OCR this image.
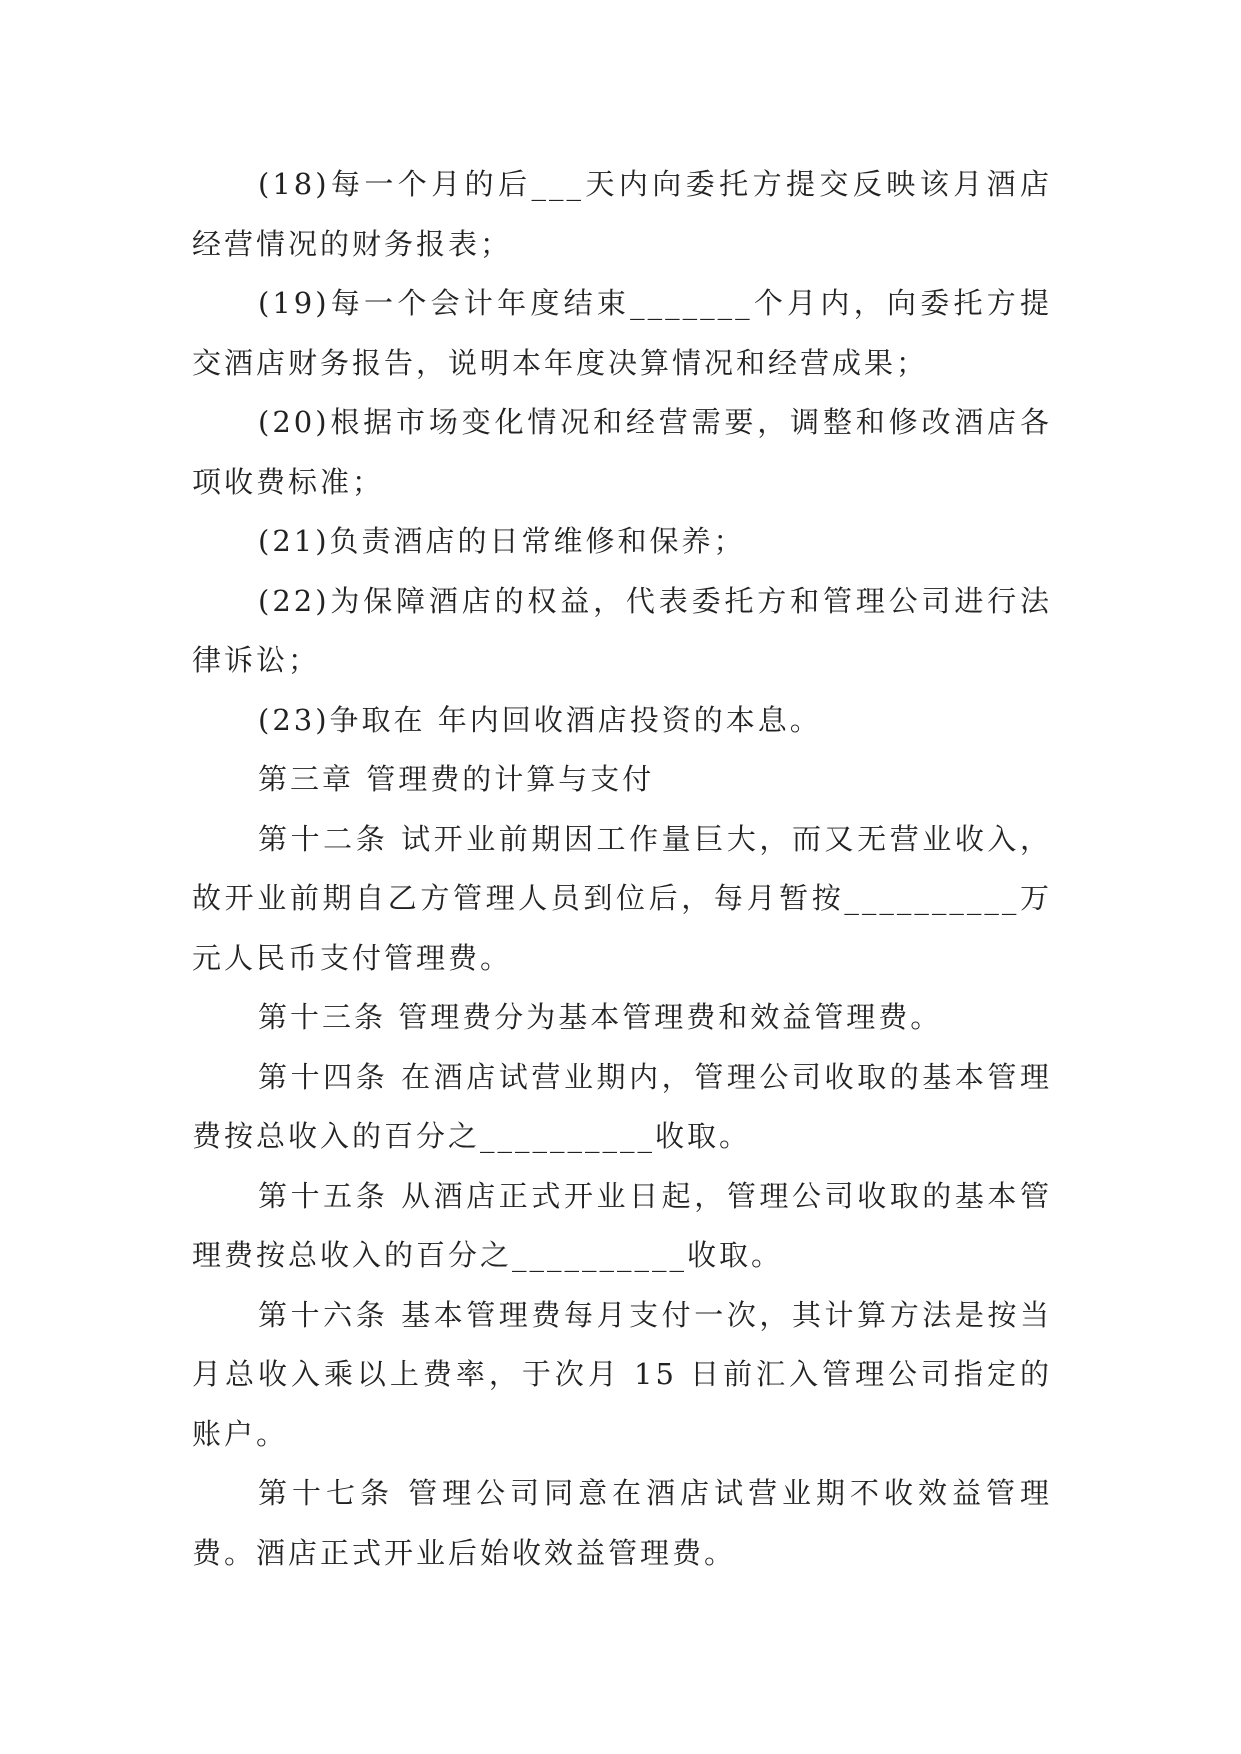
(18)每一个月的后___天内向委托方提交反映该月酒店经营情况的财务报表；

(19)每一个会计年度结束_______个月内，向委托方提交酒店财务报告，说明本年度决算情况和经营成果；

(20)根据市场变化情况和经营需要，调整和修改酒店各项收费标准；

(21)负责酒店的日常维修和保养；

(22)为保障酒店的权益，代表委托方和管理公司进行法律诉讼；

(23)争取在 年内回收酒店投资的本息。

第三章 管理费的计算与支付

第十二条 试开业前期因工作量巨大，而又无营业收入，故开业前期自乙方管理人员到位后，每月暂按__________万元人民币支付管理费。

第十三条 管理费分为基本管理费和效益管理费。

第十四条 在酒店试营业期内，管理公司收取的基本管理费按总收入的百分之__________收取。

第十五条 从酒店正式开业日起，管理公司收取的基本管理费按总收入的百分之__________收取。

第十六条 基本管理费每月支付一次，其计算方法是按当月总收入乘以上费率，于次月 15 日前汇入管理公司指定的账户。

第十七条 管理公司同意在酒店试营业期不收效益管理费。酒店正式开业后始收效益管理费。
